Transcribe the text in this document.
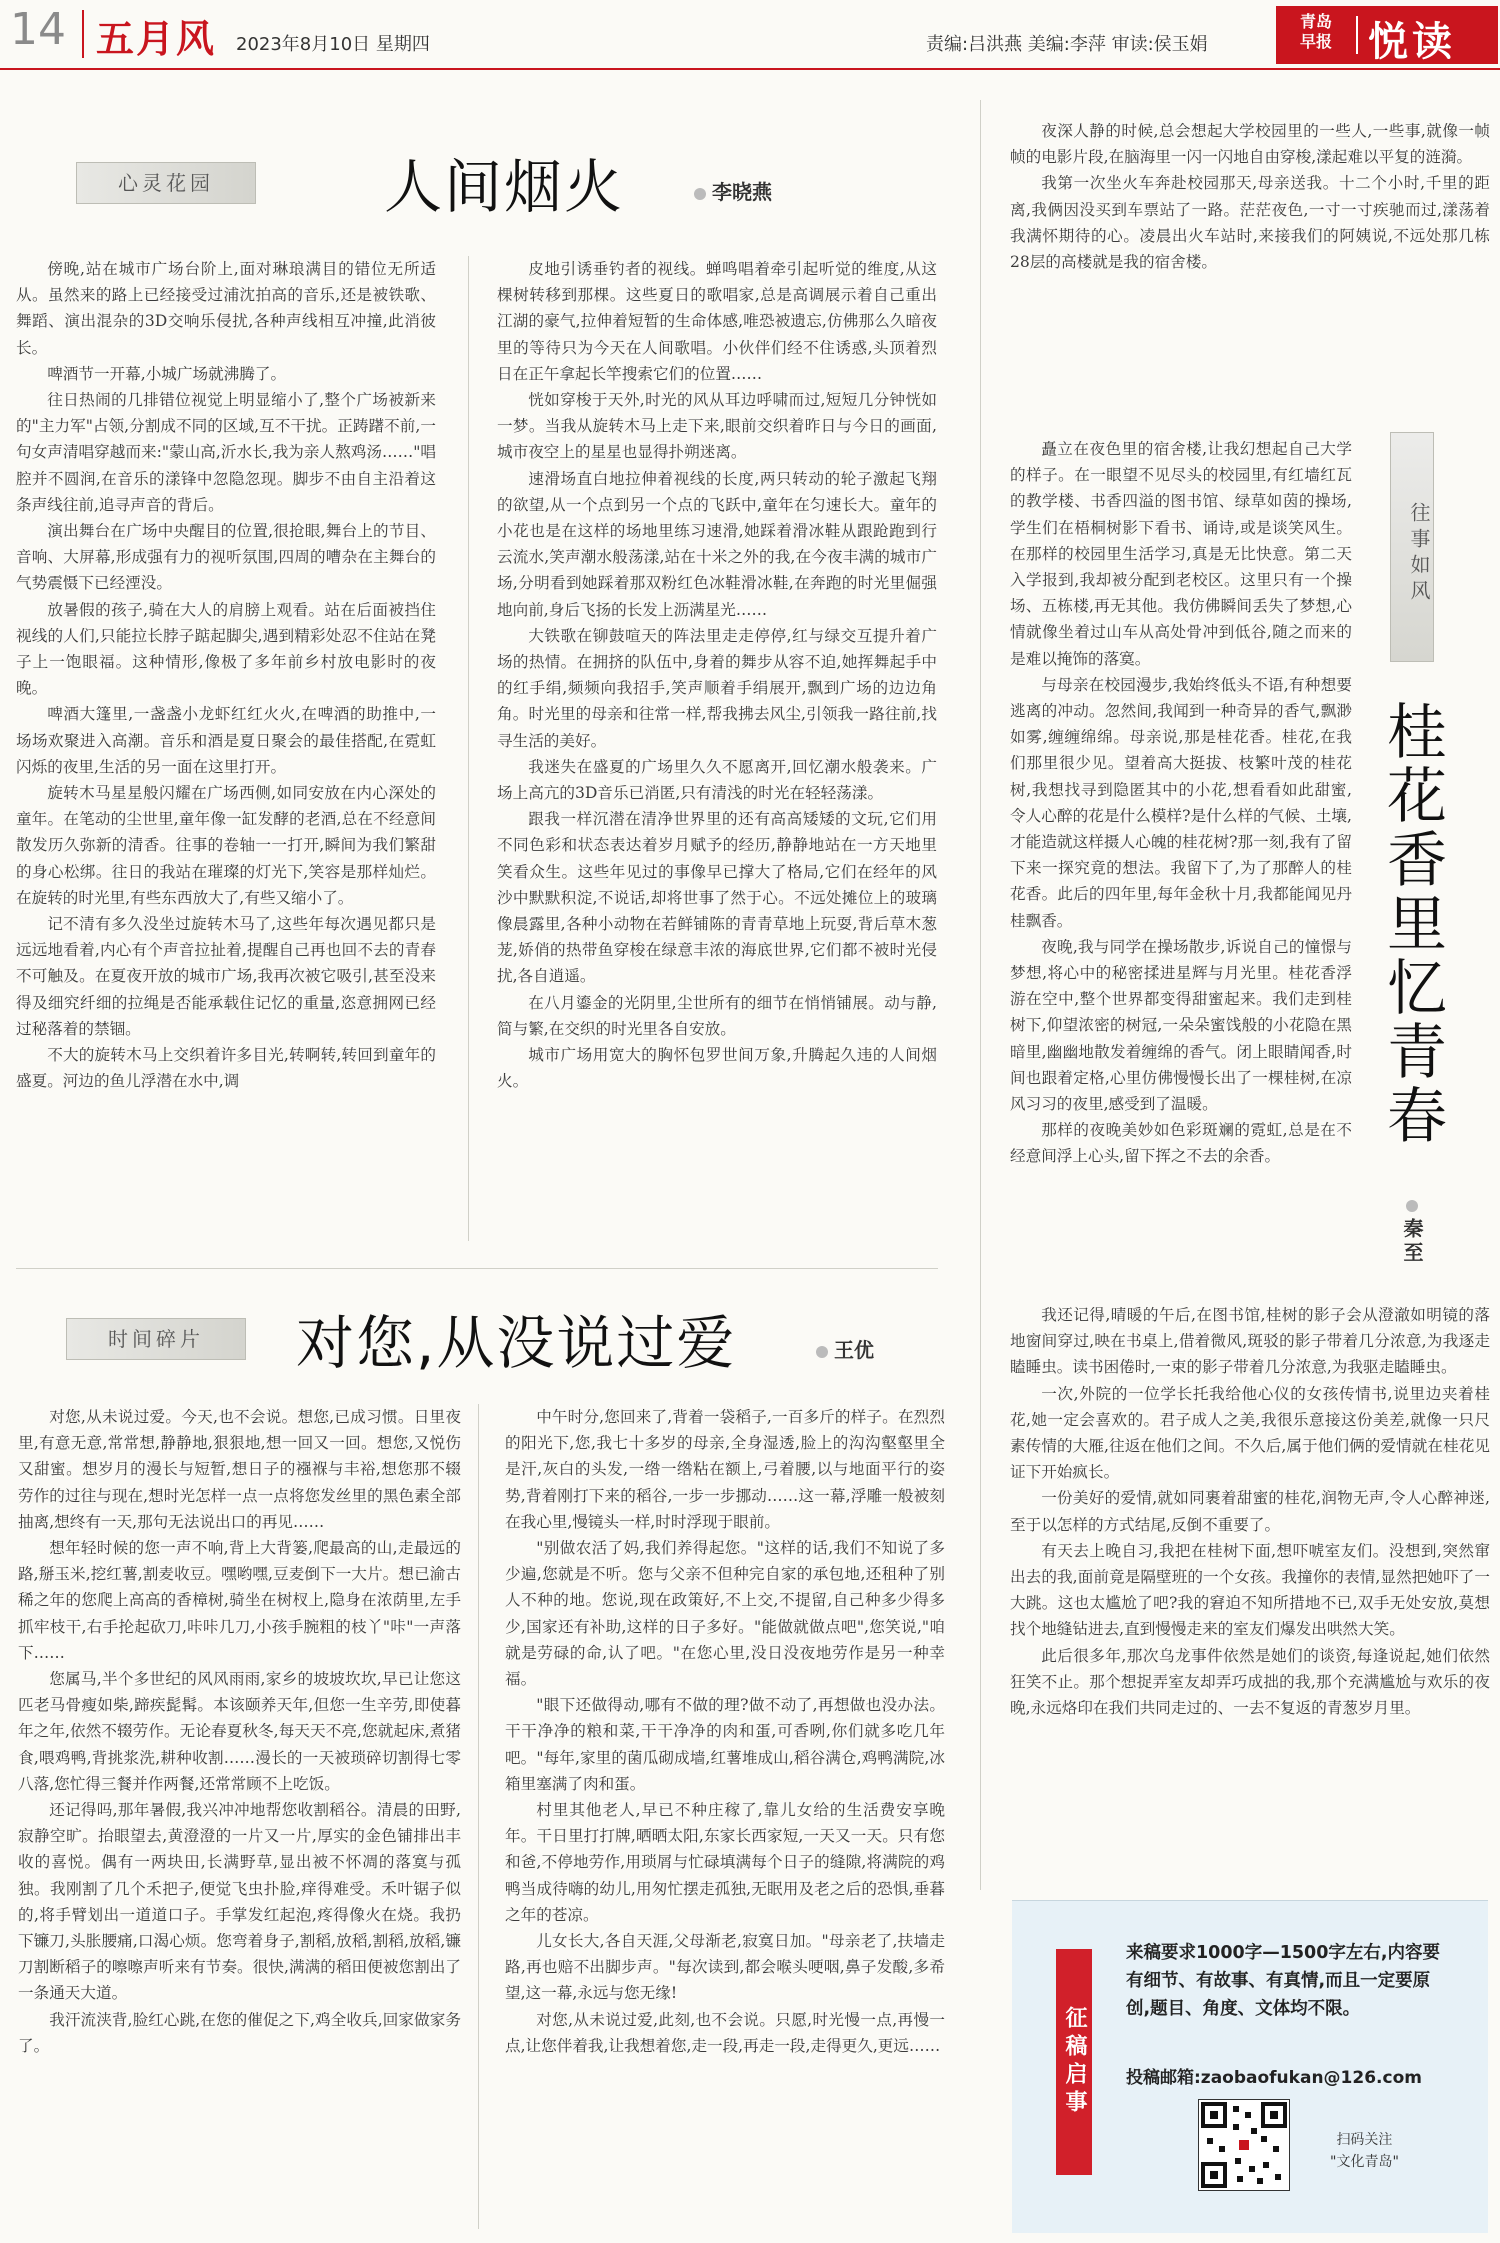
14 五月风 2023年8月10日 星期四	责编:吕洪燕 美编:李萍 审读:侯玉娟
青岛
早报 悦读
心灵花园	人间烟火	李晓燕

傍晚,站在城市广场台阶上,面对琳琅满目的错位无所适从。虽然来的路上已经接受过浦沈拍高的音乐,还是被铁歌、舞蹈、演出混杂的3D交响乐侵扰,各种声线相互冲撞,此消彼长。

啤酒节一开幕,小城广场就沸腾了。

往日热闹的几排错位视觉上明显缩小了,整个广场被新来的"主力军"占领,分割成不同的区域,互不干扰。正踌躇不前,一句女声清唱穿越而来:"蒙山高,沂水长,我为亲人熬鸡汤……"唱腔并不圆润,在音乐的漾锋中忽隐忽现。脚步不由自主沿着这条声线往前,追寻声音的背后。

演出舞台在广场中央醒目的位置,很抢眼,舞台上的节目、音响、大屏幕,形成强有力的视听氛围,四周的嘈杂在主舞台的气势震慑下已经湮没。

放暑假的孩子,骑在大人的肩膀上观看。站在后面被挡住视线的人们,只能拉长脖子踮起脚尖,遇到精彩处忍不住站在凳子上一饱眼福。这种情形,像极了多年前乡村放电影时的夜晚。

啤酒大篷里,一盏盏小龙虾红红火火,在啤酒的助推中,一场场欢聚进入高潮。音乐和酒是夏日聚会的最佳搭配,在霓虹闪烁的夜里,生活的另一面在这里打开。

旋转木马星星般闪耀在广场西侧,如同安放在内心深处的童年。在笔动的尘世里,童年像一缸发酵的老酒,总在不经意间散发历久弥新的清香。往事的卷轴一一打开,瞬间为我们繁甜的身心松绑。往日的我站在璀璨的灯光下,笑容是那样灿烂。在旋转的时光里,有些东西放大了,有些又缩小了。

记不清有多久没坐过旋转木马了,这些年每次遇见都只是远远地看着,内心有个声音拉扯着,提醒自己再也回不去的青春不可触及。在夏夜开放的城市广场,我再次被它吸引,甚至没来得及细究纤细的拉绳是否能承载住记忆的重量,恣意拥网已经过秘落着的禁锢。

不大的旋转木马上交织着许多目光,转啊转,转回到童年的盛夏。河边的鱼儿浮潜在水中,调

皮地引诱垂钓者的视线。蝉鸣唱着牵引起听觉的维度,从这棵树转移到那棵。这些夏日的歌唱家,总是高调展示着自己重出江湖的豪气,拉伸着短暂的生命体感,唯恐被遗忘,仿佛那么久暗夜里的等待只为今天在人间歌唱。小伙伴们经不住诱惑,头顶着烈日在正午拿起长竿搜索它们的位置……

恍如穿梭于天外,时光的风从耳边呼啸而过,短短几分钟恍如一梦。当我从旋转木马上走下来,眼前交织着昨日与今日的画面,城市夜空上的星星也显得扑朔迷离。

速滑场直白地拉伸着视线的长度,两只转动的轮子激起飞翔的欲望,从一个点到另一个点的飞跃中,童年在匀速长大。童年的小花也是在这样的场地里练习速滑,她踩着滑冰鞋从跟跄跑到行云流水,笑声潮水般荡漾,站在十米之外的我,在今夜丰满的城市广场,分明看到她踩着那双粉红色冰鞋滑冰鞋,在奔跑的时光里倔强地向前,身后飞扬的长发上沥满星光……

大铁歌在铆鼓喧天的阵法里走走停停,红与绿交互提升着广场的热情。在拥挤的队伍中,身着的舞步从容不迫,她挥舞起手中的红手绢,频频向我招手,笑声顺着手绢展开,飘到广场的边边角角。时光里的母亲和往常一样,帮我拂去风尘,引领我一路往前,找寻生活的美好。

我迷失在盛夏的广场里久久不愿离开,回忆潮水般袭来。广场上高亢的3D音乐已消匿,只有清浅的时光在轻轻荡漾。

跟我一样沉潜在清净世界里的还有高高矮矮的文玩,它们用不同色彩和状态表达着岁月赋予的经历,静静地站在一方天地里笑看众生。这些年见过的事像早已撑大了格局,它们在经年的风沙中默默积淀,不说话,却将世事了然于心。不远处摊位上的玻璃像晨露里,各种小动物在若鲜铺陈的青青草地上玩耍,背后草木葱茏,娇俏的热带鱼穿梭在绿意丰浓的海底世界,它们都不被时光侵扰,各自逍遥。

在八月鎏金的光阴里,尘世所有的细节在悄悄铺展。动与静,简与繁,在交织的时光里各自安放。

城市广场用宽大的胸怀包罗世间万象,升腾起久违的人间烟火。

时间碎片	对您,从没说过爱	王优

对您,从未说过爱。今天,也不会说。想您,已成习惯。日里夜里,有意无意,常常想,静静地,狠狠地,想一回又一回。想您,又悦伤又甜蜜。想岁月的漫长与短暂,想日子的襁褓与丰裕,想您那不辍劳作的过往与现在,想时光怎样一点一点将您发丝里的黑色素全部抽离,想终有一天,那句无法说出口的再见……

想年轻时候的您一声不响,背上大背篓,爬最高的山,走最远的路,掰玉米,挖红薯,割麦收豆。嘿哟嘿,豆麦倒下一大片。想已渝古稀之年的您爬上高高的香樟树,骑坐在树杈上,隐身在浓荫里,左手抓牢枝干,右手抡起砍刀,咔咔几刀,小孩手腕粗的枝丫"咔"一声落下……

您属马,半个多世纪的风风雨雨,家乡的坡坡坎坎,早已让您这匹老马骨瘦如柴,蹄疾髭髯。本该颐养天年,但您一生辛劳,即使暮年之年,依然不辍劳作。无论春夏秋冬,每天天不亮,您就起床,煮猪食,喂鸡鸭,背挑浆洗,耕种收割……漫长的一天被琐碎切割得七零八落,您忙得三餐并作两餐,还常常顾不上吃饭。

还记得吗,那年暑假,我兴冲冲地帮您收割稻谷。清晨的田野,寂静空旷。抬眼望去,黄澄澄的一片又一片,厚实的金色铺排出丰收的喜悦。偶有一两块田,长满野草,显出被不怀凋的落寞与孤独。我刚割了几个禾把子,便觉飞虫扑脸,痒得难受。禾叶锯子似的,将手臂划出一道道口子。手掌发红起泡,疼得像火在烧。我扔下镰刀,头胀腰痛,口渴心烦。您弯着身子,割稻,放稻,割稻,放稻,镰刀割断稻子的嚓嚓声听来有节奏。很快,满满的稻田便被您割出了一条通天大道。

我汗流浃背,脸红心跳,在您的催促之下,鸡全收兵,回家做家务了。

中午时分,您回来了,背着一袋稻子,一百多斤的样子。在烈烈的阳光下,您,我七十多岁的母亲,全身湿透,脸上的沟沟壑壑里全是汗,灰白的头发,一绺一绺粘在额上,弓着腰,以与地面平行的姿势,背着刚打下来的稻谷,一步一步挪动……这一幕,浮雕一般被刻在我心里,慢镜头一样,时时浮现于眼前。

"别做农活了妈,我们养得起您。"这样的话,我们不知说了多少遍,您就是不听。您与父亲不但种完自家的承包地,还租种了别人不种的地。您说,现在政策好,不上交,不提留,自己种多少得多少,国家还有补助,这样的日子多好。"能做就做点吧",您笑说,"咱就是劳碌的命,认了吧。"在您心里,没日没夜地劳作是另一种幸福。

"眼下还做得动,哪有不做的理?做不动了,再想做也没办法。干干净净的粮和菜,干干净净的肉和蛋,可香咧,你们就多吃几年吧。"每年,家里的菌瓜砌成墙,红薯堆成山,稻谷满仓,鸡鸭满院,冰箱里塞满了肉和蛋。

村里其他老人,早已不种庄稼了,靠儿女给的生活费安享晚年。干日里打打牌,晒晒太阳,东家长西家短,一天又一天。只有您和爸,不停地劳作,用琐屑与忙碌填满每个日子的缝隙,将满院的鸡鸭当成待嗨的幼儿,用匆忙摆走孤独,无眠用及老之后的恐惧,垂暮之年的苍凉。

儿女长大,各自天涯,父母渐老,寂寞日加。"母亲老了,扶墙走路,再也赔不出脚步声。"每次读到,都会喉头哽咽,鼻子发酸,多希望,这一幕,永远与您无缘!

对您,从未说过爱,此刻,也不会说。只愿,时光慢一点,再慢一点,让您伴着我,让我想着您,走一段,再走一段,走得更久,更远……

夜深人静的时候,总会想起大学校园里的一些人,一些事,就像一帧帧的电影片段,在脑海里一闪一闪地自由穿梭,漾起难以平复的涟漪。

我第一次坐火车奔赴校园那天,母亲送我。十二个小时,千里的距离,我俩因没买到车票站了一路。茫茫夜色,一寸一寸疾驰而过,漾荡着我满怀期待的心。凌晨出火车站时,来接我们的阿姨说,不远处那几栋28层的高楼就是我的宿舍楼。

矗立在夜色里的宿舍楼,让我幻想起自己大学的样子。在一眼望不见尽头的校园里,有红墙红瓦的教学楼、书香四溢的图书馆、绿草如茵的操场,学生们在梧桐树影下看书、诵诗,或是谈笑风生。在那样的校园里生活学习,真是无比快意。第二天入学报到,我却被分配到老校区。这里只有一个操场、五栋楼,再无其他。我仿佛瞬间丢失了梦想,心情就像坐着过山车从高处骨冲到低谷,随之而来的是难以掩饰的落寞。

与母亲在校园漫步,我始终低头不语,有种想要逃离的冲动。忽然间,我闻到一种奇异的香气,飘渺如雾,缠缠绵绵。母亲说,那是桂花香。桂花,在我们那里很少见。望着高大挺拔、枝繁叶茂的桂花树,我想找寻到隐匿其中的小花,想看看如此甜蜜,令人心醉的花是什么模样?是什么样的气候、土壤,才能造就这样摄人心魄的桂花树?那一刻,我有了留下来一探究竟的想法。我留下了,为了那醉人的桂花香。此后的四年里,每年金秋十月,我都能闻见丹桂飘香。

夜晚,我与同学在操场散步,诉说自己的憧憬与梦想,将心中的秘密揉进星辉与月光里。桂花香浮游在空中,整个世界都变得甜蜜起来。我们走到桂树下,仰望浓密的树冠,一朵朵蜜饯般的小花隐在黑暗里,幽幽地散发着缠绵的香气。闭上眼睛闻香,时间也跟着定格,心里仿佛慢慢长出了一棵桂树,在凉风习习的夜里,感受到了温暖。

那样的夜晚美妙如色彩斑斓的霓虹,总是在不经意间浮上心头,留下挥之不去的余香。

我还记得,晴暖的午后,在图书馆,桂树的影子会从澄澈如明镜的落地窗间穿过,映在书桌上,借着微风,斑驳的影子带着几分浓意,为我逐走瞌睡虫。读书困倦时,一束的影子带着几分浓意,为我驱走瞌睡虫。

一次,外院的一位学长托我给他心仪的女孩传情书,说里边夹着桂花,她一定会喜欢的。君子成人之美,我很乐意接这份美差,就像一只尺素传情的大雁,往返在他们之间。不久后,属于他们俩的爱情就在桂花见证下开始疯长。

一份美好的爱情,就如同裹着甜蜜的桂花,润物无声,令人心醉神迷,至于以怎样的方式结尾,反倒不重要了。

有天去上晚自习,我把在桂树下面,想吓唬室友们。没想到,突然窜出去的我,面前竟是隔壁班的一个女孩。我撞你的表情,显然把她吓了一大跳。这也太尴尬了吧?我的窘迫不知所措地不已,双手无处安放,莫想找个地缝钻进去,直到慢慢走来的室友们爆发出哄然大笑。

此后很多年,那次乌龙事件依然是她们的谈资,每逢说起,她们依然狂笑不止。那个想捉弄室友却弄巧成拙的我,那个充满尴尬与欢乐的夜晚,永远烙印在我们共同走过的、一去不复返的青葱岁月里。

往事如风
桂花香里忆青春
秦至
征稿启事
来稿要求1000字—1500字左右,内容要有细节、有故事、有真情,而且一定要原创,题目、角度、文体均不限。
投稿邮箱:zaobaofukan@126.com
扫码关注
"文化青岛"
